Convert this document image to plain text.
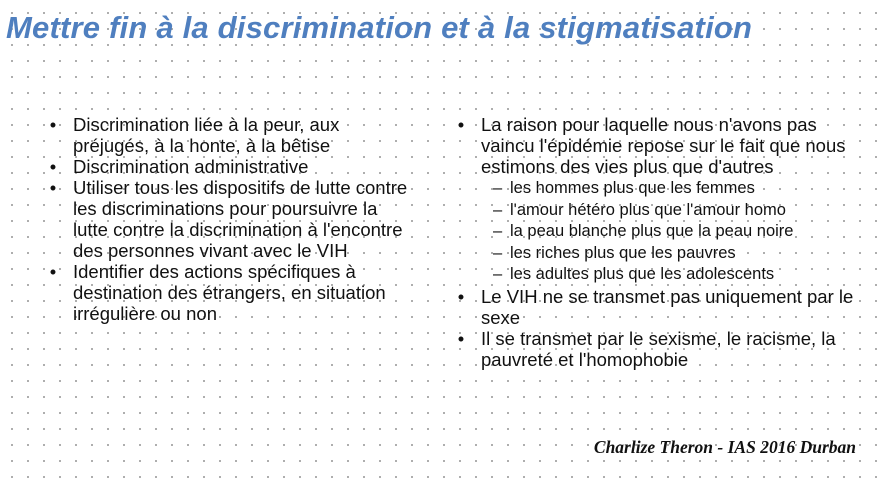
Mettre fin à la discrimination et à la stigmatisation
• Discrimination liée à la peur, aux préjugés, à la honte, à la bêtise
• Discrimination administrative
• Utiliser tous les dispositifs de lutte contre les discriminations pour poursuivre la lutte contre la discrimination à l'encontre des personnes vivant avec le VIH
• Identifier des actions spécifiques à destination des étrangers, en situation irrégulière ou non
• La raison pour laquelle nous n'avons pas vaincu l'épidémie repose sur le fait que nous estimons des vies plus que d'autres
– les hommes plus que les femmes
– l'amour hétéro plus que l'amour homo
– la peau blanche plus que la peau noire
– les riches plus que les pauvres
– les adultes plus que les adolescents
• Le VIH ne se transmet pas uniquement par le sexe
• Il se transmet par le sexisme, le racisme, la pauvreté et l'homophobie
Charlize Theron - IAS 2016 Durban
